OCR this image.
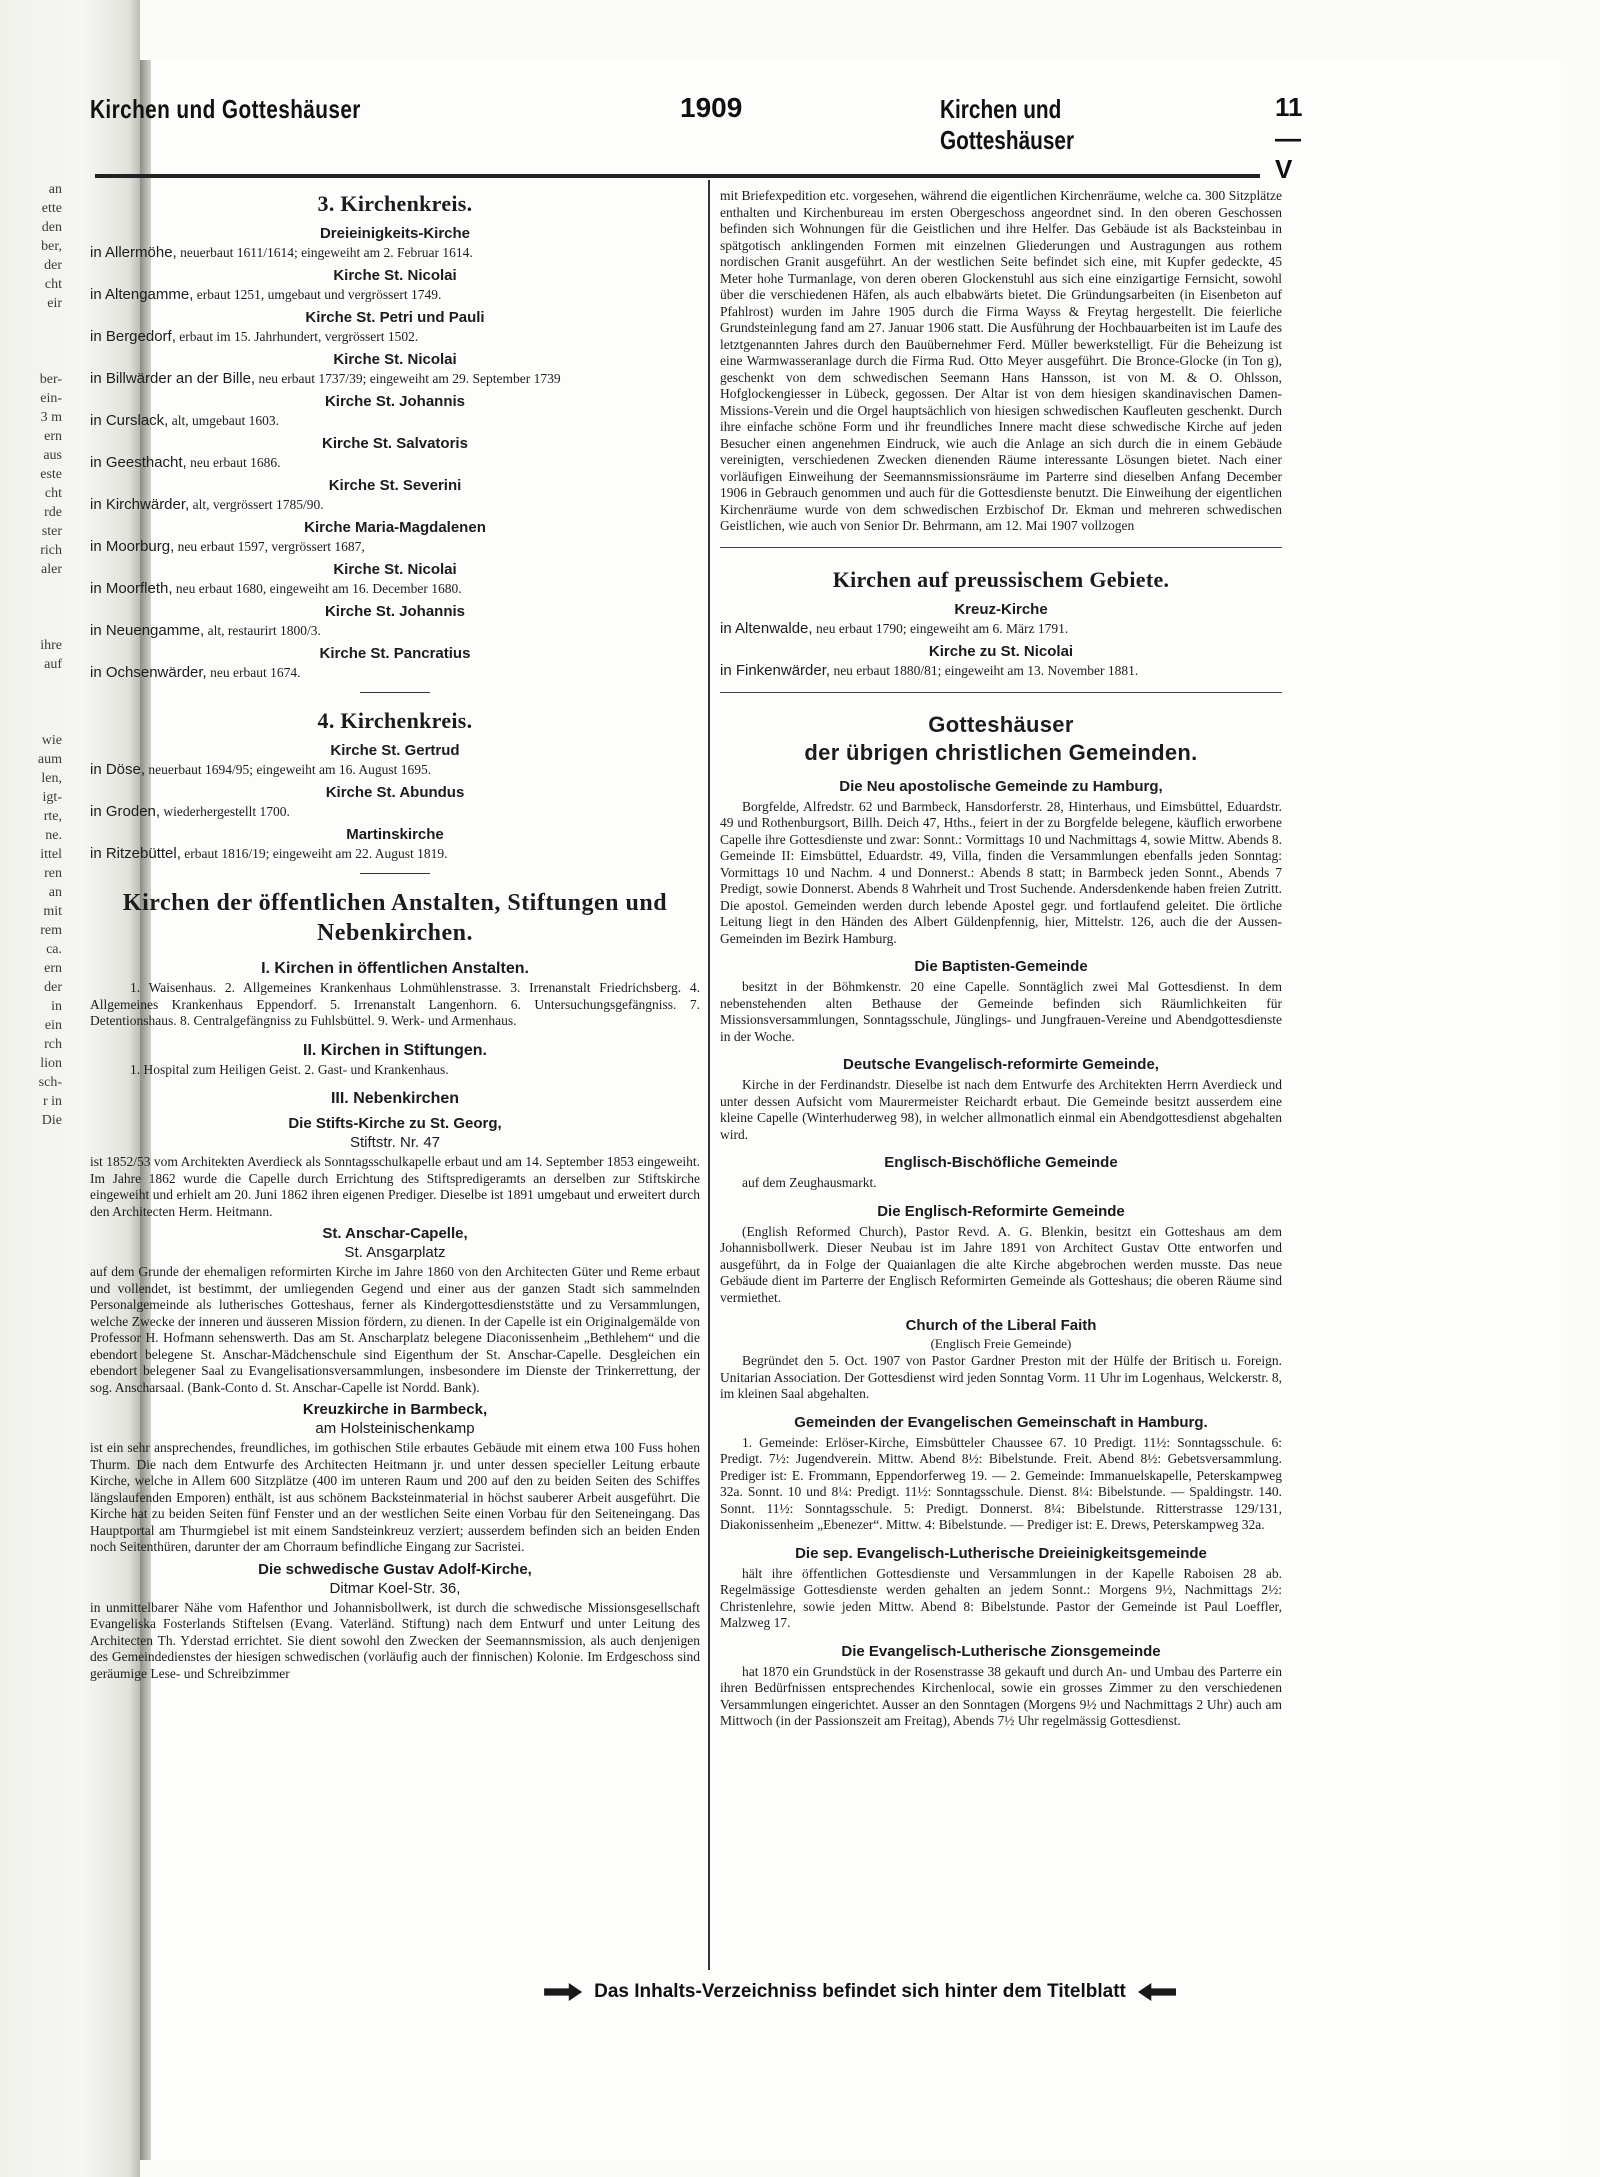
an
ette
den
ber,
der
cht
eir
ber-
ein-
3 m
ern
aus
este
cht
rde
ster
rich
aler
ihre
auf
wie
aum
len,
igt-
rte,
ne.
ittel
ren
an
mit
rem
ca.
ern
der
in
ein
rch
lion
sch-
r in
Die
Kirchen und Gotteshäuser	1909	Kirchen und Gotteshäuser
11—V
3. Kirchenkreis.
Dreieinigkeits-Kirche
in Allermöhe, neuerbaut 1611/1614; eingeweiht am 2. Februar 1614.
Kirche St. Nicolai
in Altengamme, erbaut 1251, umgebaut und vergrössert 1749.
Kirche St. Petri und Pauli
in Bergedorf, erbaut im 15. Jahrhundert, vergrössert 1502.
Kirche St. Nicolai
in Billwärder an der Bille, neu erbaut 1737/39; eingeweiht am 29. September 1739
Kirche St. Johannis
in Curslack, alt, umgebaut 1603.
Kirche St. Salvatoris
in Geesthacht, neu erbaut 1686.
Kirche St. Severini
in Kirchwärder, alt, vergrössert 1785/90.
Kirche Maria-Magdalenen
in Moorburg, neu erbaut 1597, vergrössert 1687,
Kirche St. Nicolai
in Moorfleth, neu erbaut 1680, eingeweiht am 16. December 1680.
Kirche St. Johannis
in Neuengamme, alt, restaurirt 1800/3.
Kirche St. Pancratius
in Ochsenwärder, neu erbaut 1674.
4. Kirchenkreis.
Kirche St. Gertrud
in Döse, neuerbaut 1694/95; eingeweiht am 16. August 1695.
Kirche St. Abundus
in Groden, wiederhergestellt 1700.
Martinskirche
in Ritzebüttel, erbaut 1816/19; eingeweiht am 22. August 1819.
Kirchen der öffentlichen Anstalten, Stiftungen und Nebenkirchen.
I. Kirchen in öffentlichen Anstalten.
1. Waisenhaus. 2. Allgemeines Krankenhaus Lohmühlenstrasse. 3. Irrenanstalt Friedrichsberg. 4. Allgemeines Krankenhaus Eppendorf. 5. Irrenanstalt Langenhorn. 6. Untersuchungsgefängniss. 7. Detentionshaus. 8. Centralgefängniss zu Fuhlsbüttel. 9. Werk- und Armenhaus.
II. Kirchen in Stiftungen.
1. Hospital zum Heiligen Geist. 2. Gast- und Krankenhaus.
III. Nebenkirchen
Die Stifts-Kirche zu St. Georg,
Stiftstr. Nr. 47
ist 1852/53 vom Architekten Averdieck als Sonntagsschulkapelle erbaut und am 14. September 1853 eingeweiht. Im Jahre 1862 wurde die Capelle durch Errichtung des Stiftspredigeramts an derselben zur Stiftskirche eingeweiht und erhielt am 20. Juni 1862 ihren eigenen Prediger. Dieselbe ist 1891 umgebaut und erweitert durch den Architecten Herm. Heitmann.
St. Anschar-Capelle,
St. Ansgarplatz
auf dem Grunde der ehemaligen reformirten Kirche im Jahre 1860 von den Architecten Güter und Reme erbaut und vollendet, ist bestimmt, der umliegenden Gegend und einer aus der ganzen Stadt sich sammelnden Personalgemeinde als lutherisches Gotteshaus, ferner als Kindergottesdienststätte und zu Versammlungen, welche Zwecke der inneren und äusseren Mission fördern, zu dienen. In der Capelle ist ein Originalgemälde von Professor H. Hofmann sehenswerth. Das am St. Anscharplatz belegene Diaconissenheim „Bethlehem“ und die ebendort belegene St. Anschar-Mädchenschule sind Eigenthum der St. Anschar-Capelle. Desgleichen ein ebendort belegener Saal zu Evangelisationsversammlungen, insbesondere im Dienste der Trinkerrettung, der sog. Anscharsaal. (Bank-Conto d. St. Anschar-Capelle ist Nordd. Bank).
Kreuzkirche in Barmbeck,
am Holsteinischenkamp
ist ein sehr ansprechendes, freundliches, im gothischen Stile erbautes Gebäude mit einem etwa 100 Fuss hohen Thurm. Die nach dem Entwurfe des Architecten Heitmann jr. und unter dessen specieller Leitung erbaute Kirche, welche in Allem 600 Sitzplätze (400 im unteren Raum und 200 auf den zu beiden Seiten des Schiffes längslaufenden Emporen) enthält, ist aus schönem Backsteinmaterial in höchst sauberer Arbeit ausgeführt. Die Kirche hat zu beiden Seiten fünf Fenster und an der westlichen Seite einen Vorbau für den Seiteneingang. Das Hauptportal am Thurmgiebel ist mit einem Sandsteinkreuz verziert; ausserdem befinden sich an beiden Enden noch Seitenthüren, darunter der am Chorraum befindliche Eingang zur Sacristei.
Die schwedische Gustav Adolf-Kirche,
Ditmar Koel-Str. 36,
in unmittelbarer Nähe vom Hafenthor und Johannisbollwerk, ist durch die schwedische Missionsgesellschaft Evangeliska Fosterlands Stiftelsen (Evang. Vaterländ. Stiftung) nach dem Entwurf und unter Leitung des Architecten Th. Yderstad errichtet. Sie dient sowohl den Zwecken der Seemannsmission, als auch denjenigen des Gemeindedienstes der hiesigen schwedischen (vorläufig auch der finnischen) Kolonie. Im Erdgeschoss sind geräumige Lese- und Schreibzimmer
mit Briefexpedition etc. vorgesehen, während die eigentlichen Kirchenräume, welche ca. 300 Sitzplätze enthalten und Kirchenbureau im ersten Obergeschoss angeordnet sind. In den oberen Geschossen befinden sich Wohnungen für die Geistlichen und ihre Helfer. Das Gebäude ist als Backsteinbau in spätgotisch anklingenden Formen mit einzelnen Gliederungen und Austragungen aus rothem nordischen Granit ausgeführt. An der westlichen Seite befindet sich eine, mit Kupfer gedeckte, 45 Meter hohe Turmanlage, von deren oberen Glockenstuhl aus sich eine einzigartige Fernsicht, sowohl über die verschiedenen Häfen, als auch elbabwärts bietet. Die Gründungsarbeiten (in Eisenbeton auf Pfahlrost) wurden im Jahre 1905 durch die Firma Wayss & Freytag hergestellt. Die feierliche Grundsteinlegung fand am 27. Januar 1906 statt. Die Ausführung der Hochbauarbeiten ist im Laufe des letztgenannten Jahres durch den Bauübernehmer Ferd. Müller bewerkstelligt. Für die Beheizung ist eine Warmwasseranlage durch die Firma Rud. Otto Meyer ausgeführt. Die Bronce-Glocke (in Ton g), geschenkt von dem schwedischen Seemann Hans Hansson, ist von M. & O. Ohlsson, Hofglockengiesser in Lübeck, gegossen. Der Altar ist von dem hiesigen skandinavischen Damen-Missions-Verein und die Orgel hauptsächlich von hiesigen schwedischen Kaufleuten geschenkt. Durch ihre einfache schöne Form und ihr freundliches Innere macht diese schwedische Kirche auf jeden Besucher einen angenehmen Eindruck, wie auch die Anlage an sich durch die in einem Gebäude vereinigten, verschiedenen Zwecken dienenden Räume interessante Lösungen bietet. Nach einer vorläufigen Einweihung der Seemannsmissionsräume im Parterre sind dieselben Anfang December 1906 in Gebrauch genommen und auch für die Gottesdienste benutzt. Die Einweihung der eigentlichen Kirchenräume wurde von dem schwedischen Erzbischof Dr. Ekman und mehreren schwedischen Geistlichen, wie auch von Senior Dr. Behrmann, am 12. Mai 1907 vollzogen
Kirchen auf preussischem Gebiete.
Kreuz-Kirche
in Altenwalde, neu erbaut 1790; eingeweiht am 6. März 1791.
Kirche zu St. Nicolai
in Finkenwärder, neu erbaut 1880/81; eingeweiht am 13. November 1881.
Gotteshäuser
der übrigen christlichen Gemeinden.
Die Neu apostolische Gemeinde zu Hamburg,
Borgfelde, Alfredstr. 62 und Barmbeck, Hansdorferstr. 28, Hinterhaus, und Eimsbüttel, Eduardstr. 49 und Rothenburgsort, Billh. Deich 47, Hths., feiert in der zu Borgfelde belegene, käuflich erworbene Capelle ihre Gottesdienste und zwar: Sonnt.: Vormittags 10 und Nachmittags 4, sowie Mittw. Abends 8. Gemeinde II: Eimsbüttel, Eduardstr. 49, Villa, finden die Versammlungen ebenfalls jeden Sonntag: Vormittags 10 und Nachm. 4 und Donnerst.: Abends 8 statt; in Barmbeck jeden Sonnt., Abends 7 Predigt, sowie Donnerst. Abends 8 Wahrheit und Trost Suchende. Andersdenkende haben freien Zutritt. Die apostol. Gemeinden werden durch lebende Apostel gegr. und fortlaufend geleitet. Die örtliche Leitung liegt in den Händen des Albert Güldenpfennig, hier, Mittelstr. 126, auch die der Aussen-Gemeinden im Bezirk Hamburg.
Die Baptisten-Gemeinde
besitzt in der Böhmkenstr. 20 eine Capelle. Sonntäglich zwei Mal Gottesdienst. In dem nebenstehenden alten Bethause der Gemeinde befinden sich Räumlichkeiten für Missionsversammlungen, Sonntagsschule, Jünglings- und Jungfrauen-Vereine und Abendgottesdienste in der Woche.
Deutsche Evangelisch-reformirte Gemeinde,
Kirche in der Ferdinandstr. Dieselbe ist nach dem Entwurfe des Architekten Herrn Averdieck und unter dessen Aufsicht vom Maurermeister Reichardt erbaut. Die Gemeinde besitzt ausserdem eine kleine Capelle (Winterhuderweg 98), in welcher allmonatlich einmal ein Abendgottesdienst abgehalten wird.
Englisch-Bischöfliche Gemeinde
auf dem Zeughausmarkt.
Die Englisch-Reformirte Gemeinde
(English Reformed Church), Pastor Revd. A. G. Blenkin, besitzt ein Gotteshaus am dem Johannisbollwerk. Dieser Neubau ist im Jahre 1891 von Architect Gustav Otte entworfen und ausgeführt, da in Folge der Quaianlagen die alte Kirche abgebrochen werden musste. Das neue Gebäude dient im Parterre der Englisch Reformirten Gemeinde als Gotteshaus; die oberen Räume sind vermiethet.
Church of the Liberal Faith
(Englisch Freie Gemeinde)
Begründet den 5. Oct. 1907 von Pastor Gardner Preston mit der Hülfe der Britisch u. Foreign. Unitarian Association. Der Gottesdienst wird jeden Sonntag Vorm. 11 Uhr im Logenhaus, Welckerstr. 8, im kleinen Saal abgehalten.
Gemeinden der Evangelischen Gemeinschaft in Hamburg.
1. Gemeinde: Erlöser-Kirche, Eimsbütteler Chaussee 67. 10 Predigt. 11½: Sonntagsschule. 6: Predigt. 7½: Jugendverein. Mittw. Abend 8½: Bibelstunde. Freit. Abend 8½: Gebetsversammlung. Prediger ist: E. Frommann, Eppendorferweg 19. — 2. Gemeinde: Immanuelskapelle, Peterskampweg 32a. Sonnt. 10 und 8¼: Predigt. 11½: Sonntagsschule. Dienst. 8¼: Bibelstunde. — Spaldingstr. 140. Sonnt. 11½: Sonntagsschule. 5: Predigt. Donnerst. 8¼: Bibelstunde. Ritterstrasse 129/131, Diakonissenheim „Ebenezer“. Mittw. 4: Bibelstunde. — Prediger ist: E. Drews, Peterskampweg 32a.
Die sep. Evangelisch-Lutherische Dreieinigkeitsgemeinde
hält ihre öffentlichen Gottesdienste und Versammlungen in der Kapelle Raboisen 28 ab. Regelmässige Gottesdienste werden gehalten an jedem Sonnt.: Morgens 9½, Nachmittags 2½: Christenlehre, sowie jeden Mittw. Abend 8: Bibelstunde. Pastor der Gemeinde ist Paul Loeffler, Malzweg 17.
Die Evangelisch-Lutherische Zionsgemeinde
hat 1870 ein Grundstück in der Rosenstrasse 38 gekauft und durch An- und Umbau des Parterre ein ihren Bedürfnissen entsprechendes Kirchenlocal, sowie ein grosses Zimmer zu den verschiedenen Versammlungen eingerichtet. Ausser an den Sonntagen (Morgens 9½ und Nachmittags 2 Uhr) auch am Mittwoch (in der Passionszeit am Freitag), Abends 7½ Uhr regelmässig Gottesdienst.
Das Inhalts-Verzeichniss befindet sich hinter dem Titelblatt
